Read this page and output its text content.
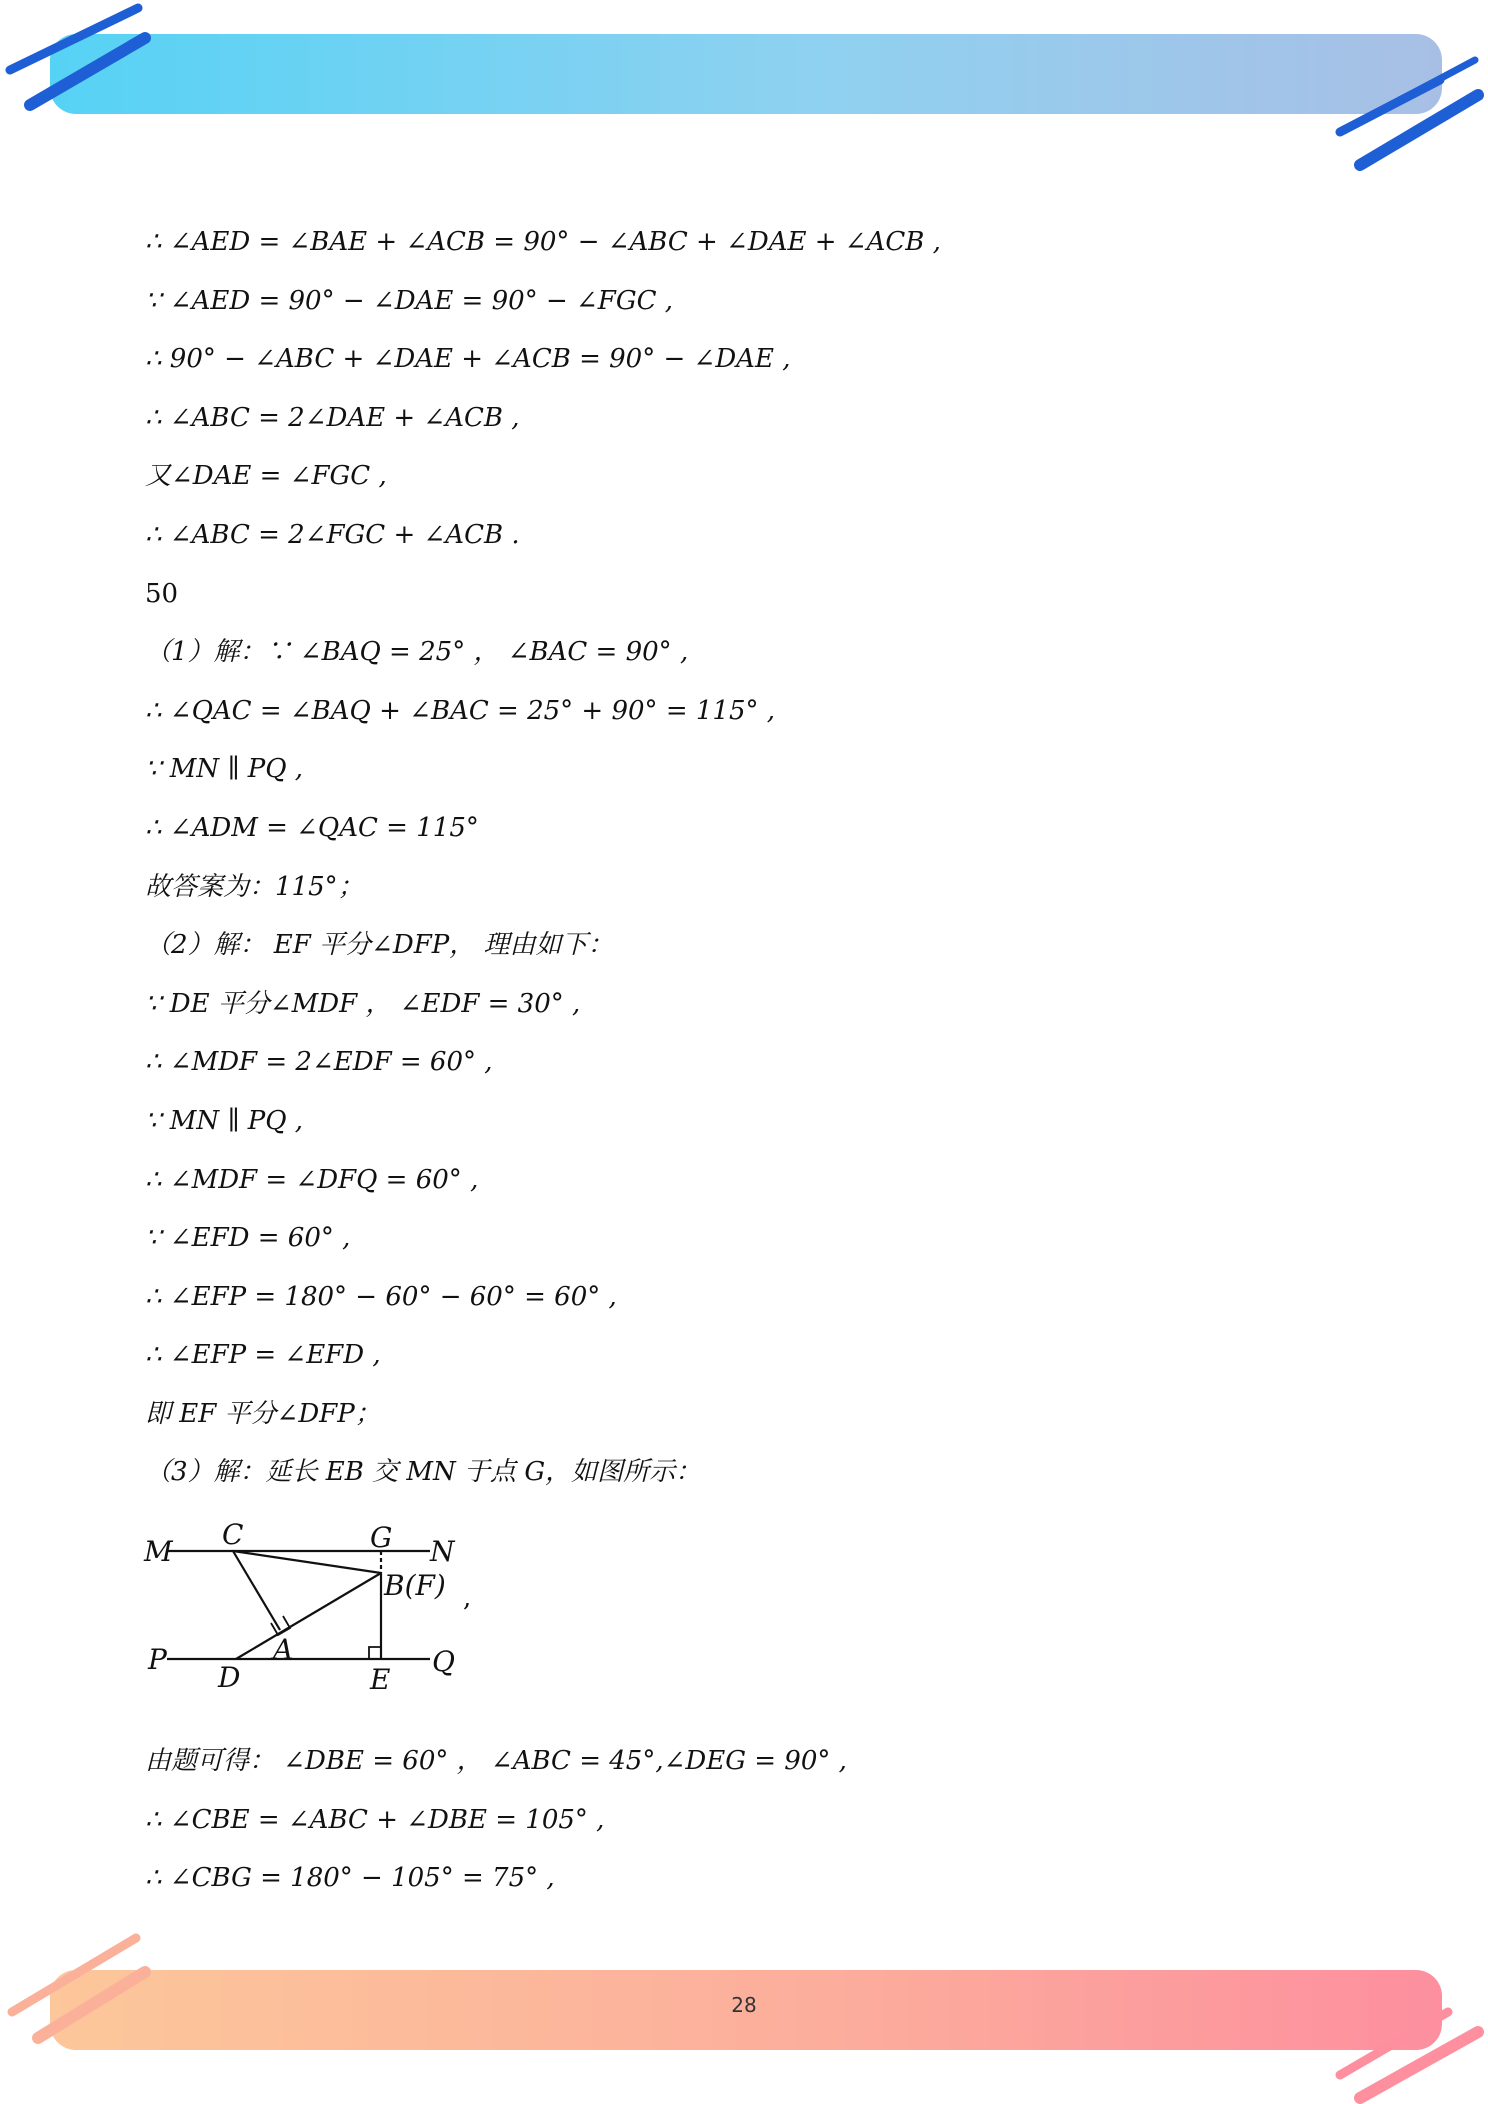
∴ ∠AED = ∠BAE + ∠ACB = 90° − ∠ABC + ∠DAE + ∠ACB ,
∵ ∠AED = 90° − ∠DAE = 90° − ∠FGC ,
∴ 90° − ∠ABC + ∠DAE + ∠ACB = 90° − ∠DAE ,
∴ ∠ABC = 2∠DAE + ∠ACB ,
又∠DAE = ∠FGC ,
∴ ∠ABC = 2∠FGC + ∠ACB .
50
（1）解：∵ ∠BAQ = 25° ， ∠BAC = 90° ,
∴ ∠QAC = ∠BAQ + ∠BAC = 25° + 90° = 115° ,
∵ MN ∥ PQ ,
∴ ∠ADM = ∠QAC = 115°
故答案为：115°；
（2）解： EF 平分∠DFP， 理由如下：
∵ DE 平分∠MDF ， ∠EDF = 30° ,
∴ ∠MDF = 2∠EDF = 60° ,
∵ MN ∥ PQ ,
∴ ∠MDF = ∠DFQ = 60° ,
∵ ∠EFD = 60° ,
∴ ∠EFP = 180° − 60° − 60° = 60° ,
∴ ∠EFP = ∠EFD ,
即 EF 平分∠DFP；
（3）解：延长 EB 交 MN 于点 G，如图所示：
M
C	G N
B(F)
A
P
D	E
Q
,
由题可得： ∠DBE = 60° ， ∠ABC = 45°,∠DEG = 90° ,
∴ ∠CBE = ∠ABC + ∠DBE = 105° ,
∴ ∠CBG = 180° − 105° = 75° ,
28
